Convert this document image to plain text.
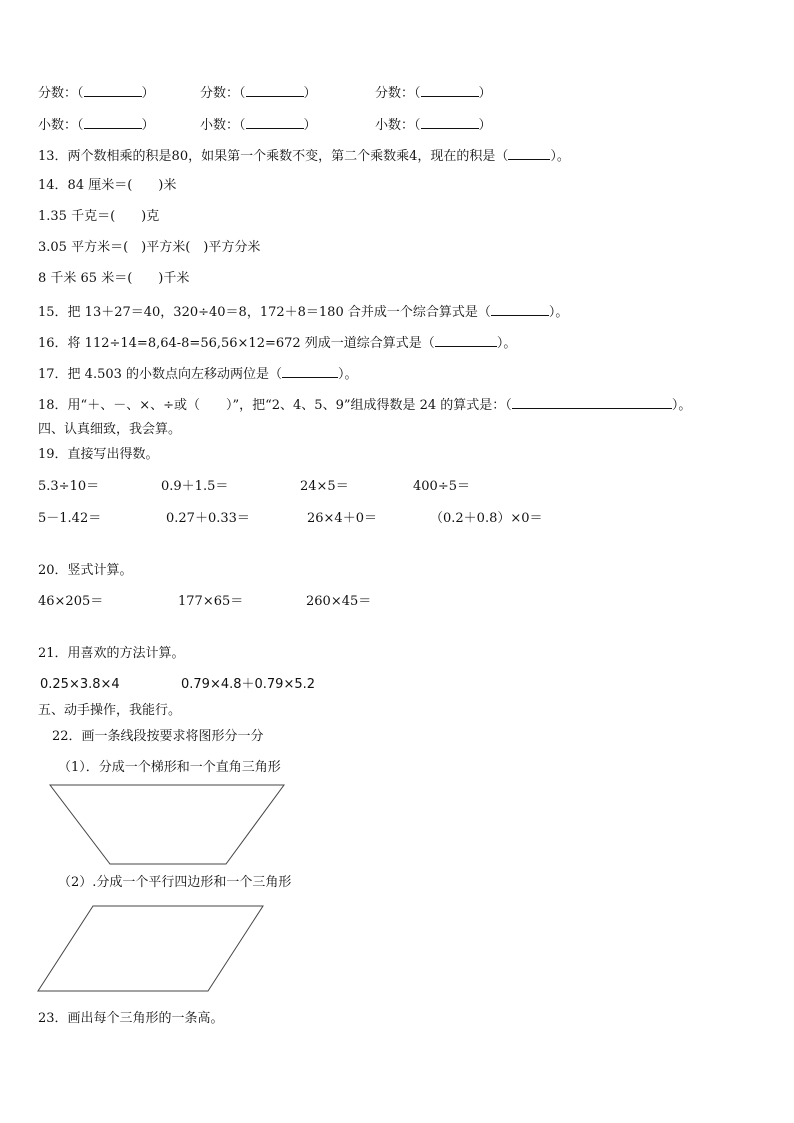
分数：（	）	分数：（	）	分数：（	）
小数：（	）	小数：（	）	小数：（	）
13．两个数相乘的积是80，如果第一个乘数不变，第二个乘数乘4，现在的积是（	）。
14．84 厘米＝(　　)米
1.35 千克＝(　　)克
3.05 平方米＝(　)平方米(　)平方分米
8 千米 65 米＝(　　)千米
15．把 13＋27＝40，320÷40＝8，172＋8＝180 合并成一个综合算式是（	）。
16．将 112÷14=8,64-8=56,56×12=672 列成一道综合算式是（	）。
17．把 4.503 的小数点向左移动两位是（	）。
18．用“＋、－、×、÷或（　　）”，把“2、4、5、9”组成得数是 24 的算式是：（	）。
四、认真细致，我会算。
19．直接写出得数。
5.3÷10＝	0.9＋1.5＝	24×5＝	400÷5＝
5－1.42＝	0.27＋0.33＝	26×4＋0＝	（0.2＋0.8）×0＝
20．竖式计算。
46×205＝	177×65＝	260×45＝
21．用喜欢的方法计算。
0.25×3.8×4	0.79×4.8＋0.79×5.2
五、动手操作，我能行。
22．画一条线段按要求将图形分一分
（1）．分成一个梯形和一个直角三角形
（2）.分成一个平行四边形和一个三角形
23．画出每个三角形的一条高。
